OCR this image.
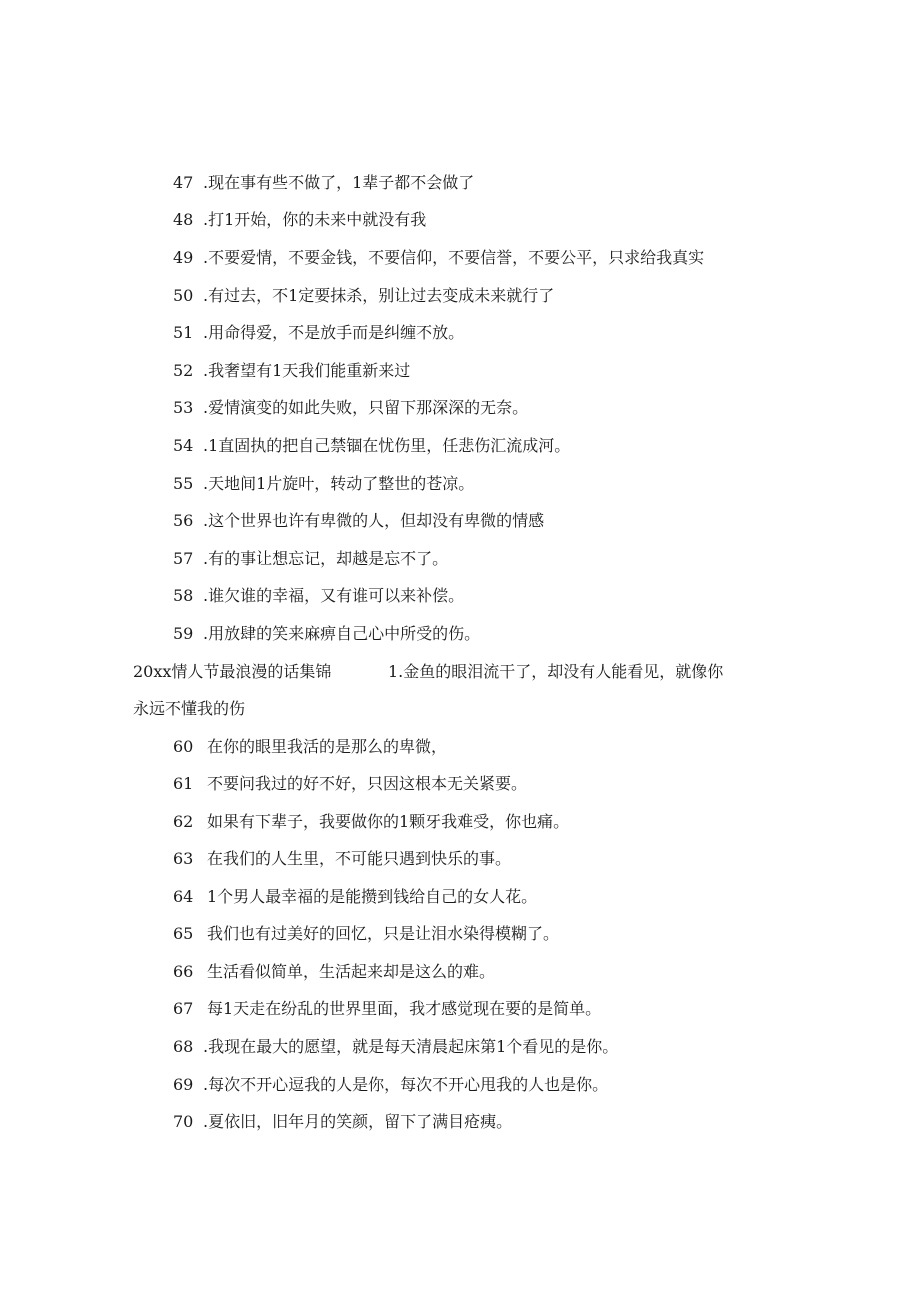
47 .现在事有些不做了，1辈子都不会做了
48 .打1开始，你的未来中就没有我
49 .不要爱情，不要金钱，不要信仰，不要信誉，不要公平，只求给我真实
50 .有过去，不1定要抹杀，别让过去变成未来就行了
51 .用命得爱，不是放手而是纠缠不放。
52 .我奢望有1天我们能重新来过
53 .爱情演变的如此失败，只留下那深深的无奈。
54 .1直固执的把自己禁锢在忧伤里，任悲伤汇流成河。
55 .天地间1片旋叶，转动了整世的苍凉。
56 .这个世界也许有卑微的人，但却没有卑微的情感
57 .有的事让想忘记，却越是忘不了。
58 .谁欠谁的幸福，又有谁可以来补偿。
59 .用放肆的笑来麻痹自己心中所受的伤。
20xx情人节最浪漫的话集锦	1.金鱼的眼泪流干了，却没有人能看见，就像你
永远不懂我的伤
60 在你的眼里我活的是那么的卑微，
61 不要问我过的好不好，只因这根本无关紧要。
62 如果有下辈子，我要做你的1颗牙我难受，你也痛。
63 在我们的人生里，不可能只遇到快乐的事。
64 1个男人最幸福的是能攒到钱给自己的女人花。
65 我们也有过美好的回忆，只是让泪水染得模糊了。
66 生活看似简单，生活起来却是这么的难。
67 每1天走在纷乱的世界里面，我才感觉现在要的是简单。
68 .我现在最大的愿望，就是每天清晨起床第1个看见的是你。
69 .每次不开心逗我的人是你，每次不开心甩我的人也是你。
70 .夏依旧，旧年月的笑颜，留下了满目疮痍。
